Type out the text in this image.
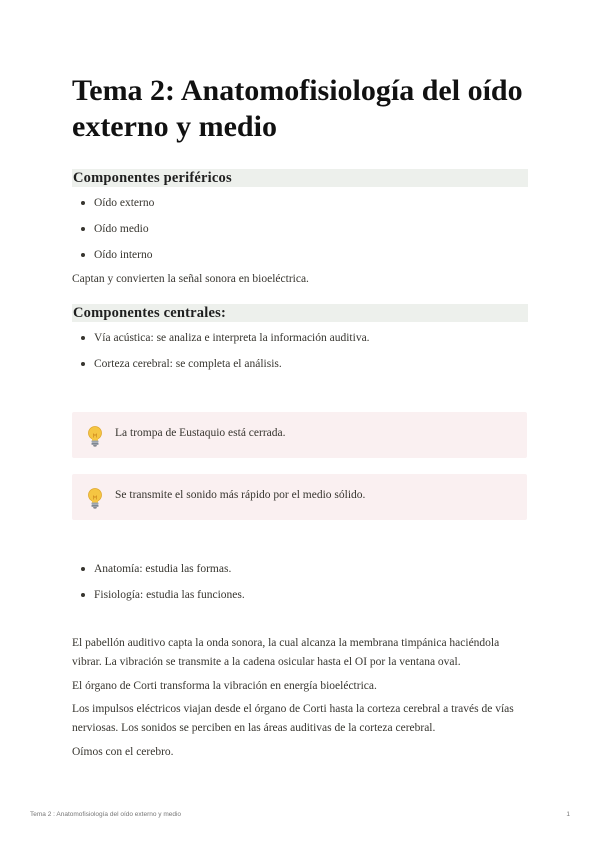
Tema 2: Anatomofisiología del oído externo y medio
Componentes periféricos
Oído externo
Oído medio
Oído interno

Captan y convierten la señal sonora en bioeléctrica.

Componentes centrales:
Vía acústica: se analiza e interpreta la información auditiva.
Corteza cerebral: se completa el análisis.
La trompa de Eustaquio está cerrada.
Se transmite el sonido más rápido por el medio sólido.
Anatomía: estudia las formas.
Fisiología: estudia las funciones.

El pabellón auditivo capta la onda sonora, la cual alcanza la membrana timpánica haciéndola vibrar. La vibración se transmite a la cadena osicular hasta el OI por la ventana oval.

El órgano de Corti transforma la vibración en energía bioeléctrica.

Los impulsos eléctricos viajan desde el órgano de Corti hasta la corteza cerebral a través de vías nerviosas. Los sonidos se perciben en las áreas auditivas de la corteza cerebral.

Oímos con el cerebro.

Tema 2 : Anatomofisiología del oído externo y medio	1
